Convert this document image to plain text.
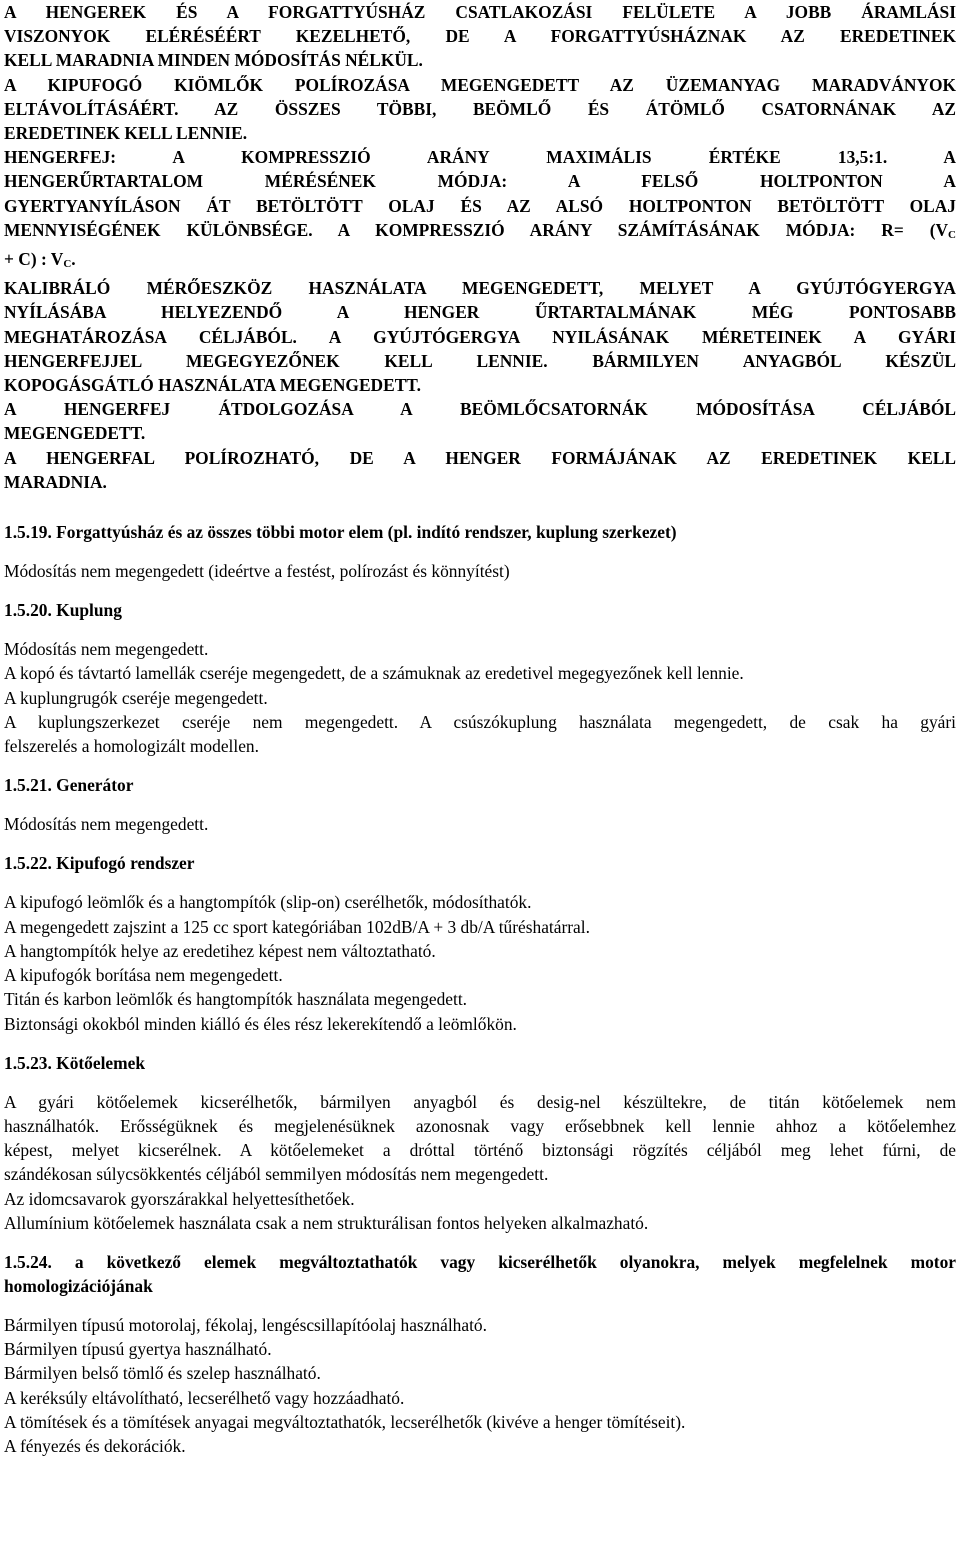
A HENGEREK ÉS A FORGATTYÚSHÁZ CSATLAKOZÁSI FELÜLETE A JOBB ÁRAMLÁSI
VISZONYOK ELÉRÉSÉÉRT KEZELHETŐ, DE A FORGATTYÚSHÁZNAK AZ EREDETINEK
KELL MARADNIA MINDEN MÓDOSÍTÁS NÉLKÜL.
A KIPUFOGÓ KIÖMLŐK POLÍROZÁSA MEGENGEDETT AZ ÜZEMANYAG MARADVÁNYOK
ELTÁVOLÍTÁSÁÉRT. AZ ÖSSZES TÖBBI, BEÖMLŐ ÉS ÁTÖMLŐ CSATORNÁNAK AZ
EREDETINEK KELL LENNIE.
HENGERFEJ: A KOMPRESSZIÓ ARÁNY MAXIMÁLIS ÉRTÉKE 13,5:1. A
HENGERŰRTARTALOM MÉRÉSÉNEK MÓDJA: A FELSŐ HOLTPONTON A
GYERTYANYÍLÁSON ÁT BETÖLTÖTT OLAJ ÉS AZ ALSÓ HOLTPONTON BETÖLTÖTT OLAJ
MENNYISÉGÉNEK KÜLÖNBSÉGE. A KOMPRESSZIÓ ARÁNY SZÁMÍTÁSÁNAK MÓDJA: $R= (V_C$
+ C) : $V_C$.
KALIBRÁLÓ MÉRŐESZKÖZ HASZNÁLATA MEGENGEDETT, MELYET A GYÚJTÓGYERGYA
NYÍLÁSÁBA HELYEZENDŐ A HENGER ŰRTARTALMÁNAK MÉG PONTOSABB
MEGHATÁROZÁSA CÉLJÁBÓL. A GYÚJTÓGERGYA NYILÁSÁNAK MÉRETEINEK A GYÁRI
HENGERFEJJEL MEGEGYEZŐNEK KELL LENNIE. BÁRMILYEN ANYAGBÓL KÉSZÜL
KOPOGÁSGÁTLÓ HASZNÁLATA MEGENGEDETT.
A HENGERFEJ ÁTDOLGOZÁSA A BEÖMLŐCSATORNÁK MÓDOSÍTÁSA CÉLJÁBÓL
MEGENGEDETT.
A HENGERFAL POLÍROZHATÓ, DE A HENGER FORMÁJÁNAK AZ EREDETINEK KELL
MARADNIA.

1.5.19. Forgattyúsház és az összes többi motor elem (pl. indító rendszer, kuplung szerkezet)

Módosítás nem megengedett (ideértve a festést, polírozást és könnyítést)

1.5.20. Kuplung

Módosítás nem megengedett.

A kopó és távtartó lamellák cseréje megengedett, de a számuknak az eredetivel megegyezőnek kell lennie.

A kuplungrugók cseréje megengedett.

A kuplungszerkezet cseréje nem megengedett. A csúszókuplung használata megengedett, de csak ha gyári

felszerelés a homologizált modellen.

1.5.21. Generátor

Módosítás nem megengedett.

1.5.22. Kipufogó rendszer

A kipufogó leömlők és a hangtompítók (slip-on) cserélhetők, módosíthatók.

A megengedett zajszint a 125 cc sport kategóriában 102dB/A + 3 db/A tűréshatárral.

A hangtompítók helye az eredetihez képest nem változtatható.

A kipufogók borítása nem megengedett.

Titán és karbon leömlők és hangtompítók használata megengedett.

Biztonsági okokból minden kiálló és éles rész lekerekítendő a leömlőkön.

1.5.23. Kötőelemek

A gyári kötőelemek kicserélhetők, bármilyen anyagból és desig-nel készültekre, de titán kötőelemek nem

használhatók. Erősségüknek és megjelenésüknek azonosnak vagy erősebbnek kell lennie ahhoz a kötőelemhez

képest, melyet kicserélnek. A kötőelemeket a dróttal történő biztonsági rögzítés céljából meg lehet fúrni, de

szándékosan súlycsökkentés céljából semmilyen módosítás nem megengedett.

Az idomcsavarok gyorszárakkal helyettesíthetőek.

Allumínium kötőelemek használata csak a nem strukturálisan fontos helyeken alkalmazható.

1.5.24. a következő elemek megváltoztathatók vagy kicserélhetők olyanokra, melyek megfelelnek motor

homologizációjának

Bármilyen típusú motorolaj, fékolaj, lengéscsillapítóolaj használható.

Bármilyen típusú gyertya használható.

Bármilyen belső tömlő és szelep használható.

A keréksúly eltávolítható, lecserélhető vagy hozzáadható.

A tömítések és a tömítések anyagai megváltoztathatók, lecserélhetők (kivéve a henger tömítéseit).

A fényezés és dekorációk.
